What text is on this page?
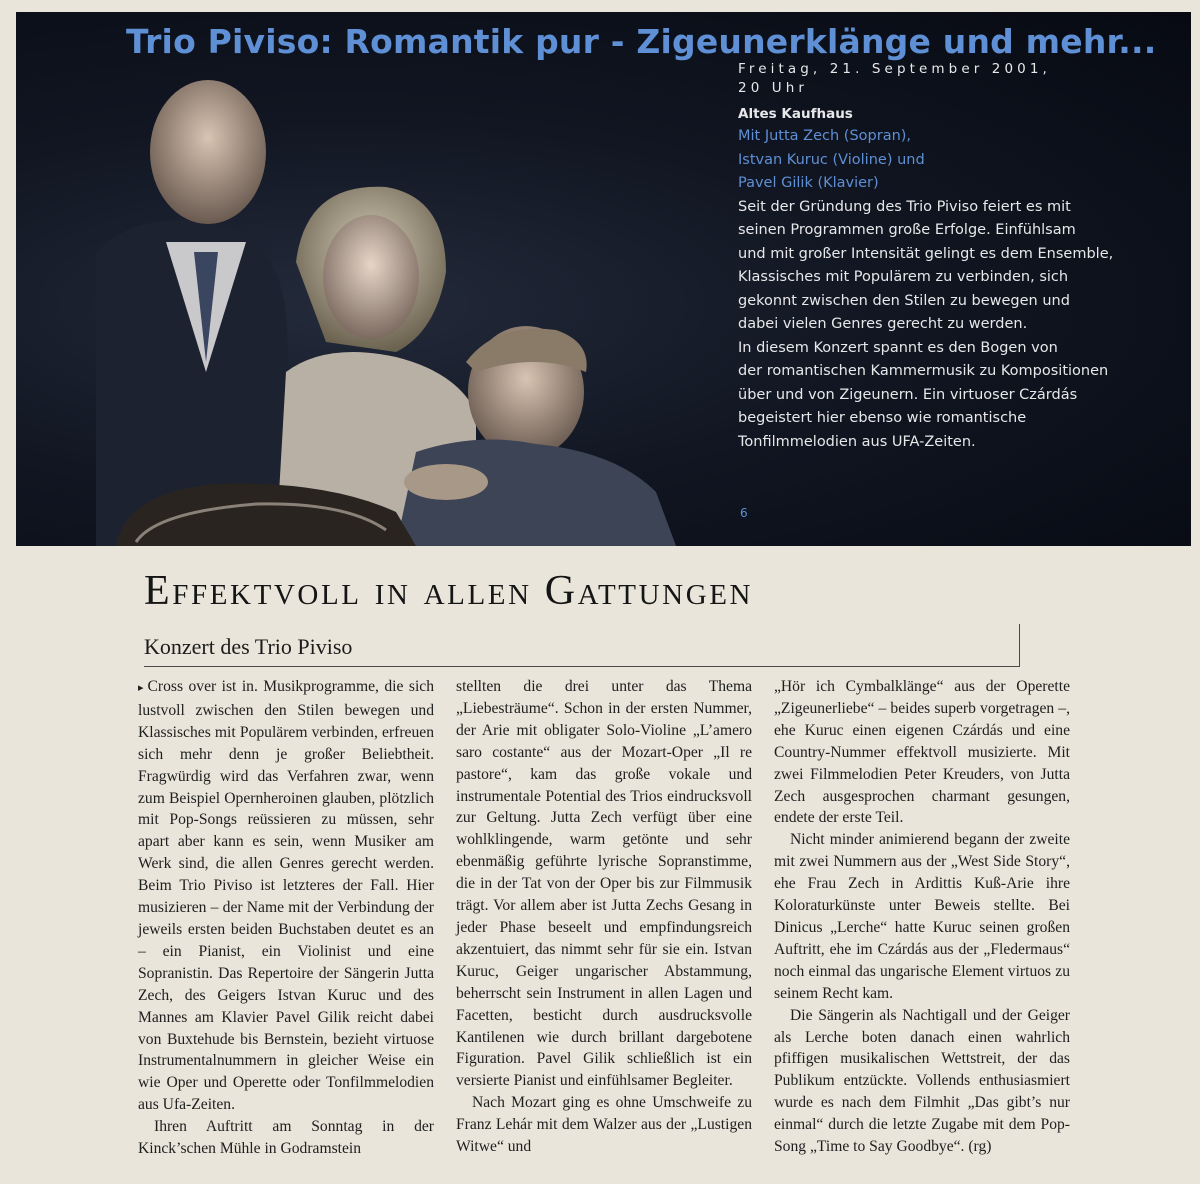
Trio Piviso: Romantik pur - Zigeunerklänge und mehr...

Freitag, 21. September 2001,

20 Uhr

Altes Kaufhaus

Mit Jutta Zech (Sopran),

Istvan Kuruc (Violine) und

Pavel Gilik (Klavier)

Seit der Gründung des Trio Piviso feiert es mit

seinen Programmen große Erfolge. Einfühlsam

und mit großer Intensität gelingt es dem Ensemble,

Klassisches mit Populärem zu verbinden, sich

gekonnt zwischen den Stilen zu bewegen und

dabei vielen Genres gerecht zu werden.

In diesem Konzert spannt es den Bogen von

der romantischen Kammermusik zu Kompositionen

über und von Zigeunern. Ein virtuoser Czárdás

begeistert hier ebenso wie romantische

Tonfilmmelodien aus UFA-Zeiten.

6
Effektvoll in allen Gattungen
Konzert des Trio Piviso

▸ Cross over ist in. Musikprogramme, die sich lustvoll zwischen den Stilen bewegen und Klassisches mit Populärem verbinden, erfreuen sich mehr denn je großer Beliebtheit. Fragwürdig wird das Verfahren zwar, wenn zum Beispiel Opernheroinen glauben, plötzlich mit Pop-Songs reüssieren zu müssen, sehr apart aber kann es sein, wenn Musiker am Werk sind, die allen Genres gerecht werden. Beim Trio Piviso ist letzteres der Fall. Hier musizieren – der Name mit der Verbindung der jeweils ersten beiden Buchstaben deutet es an – ein Pianist, ein Violinist und eine Sopranistin. Das Repertoire der Sängerin Jutta Zech, des Geigers Istvan Kuruc und des Mannes am Klavier Pavel Gilik reicht dabei von Buxtehude bis Bernstein, bezieht virtuose Instrumentalnummern in gleicher Weise ein wie Oper und Operette oder Tonfilmmelodien aus Ufa-Zeiten.

Ihren Auftritt am Sonntag in der Kinck’schen Mühle in Godramstein

stellten die drei unter das Thema „Liebesträume“. Schon in der ersten Nummer, der Arie mit obligater Solo-Violine „L’amero saro costante“ aus der Mozart-Oper „Il re pastore“, kam das große vokale und instrumentale Potential des Trios eindrucksvoll zur Geltung. Jutta Zech verfügt über eine wohlklingende, warm getönte und sehr ebenmäßig geführte lyrische Sopranstimme, die in der Tat von der Oper bis zur Filmmusik trägt. Vor allem aber ist Jutta Zechs Gesang in jeder Phase beseelt und empfindungsreich akzentuiert, das nimmt sehr für sie ein. Istvan Kuruc, Geiger ungarischer Abstammung, beherrscht sein Instrument in allen Lagen und Facetten, besticht durch ausdrucksvolle Kantilenen wie durch brillant dargebotene Figuration. Pavel Gilik schließlich ist ein versierte Pianist und einfühlsamer Begleiter.

Nach Mozart ging es ohne Umschweife zu Franz Lehár mit dem Walzer aus der „Lustigen Witwe“ und

„Hör ich Cymbalklänge“ aus der Operette „Zigeunerliebe“ – beides superb vorgetragen –, ehe Kuruc einen eigenen Czárdás und eine Country-Nummer effektvoll musizierte. Mit zwei Filmmelodien Peter Kreuders, von Jutta Zech ausgesprochen charmant gesungen, endete der erste Teil.

Nicht minder animierend begann der zweite mit zwei Nummern aus der „West Side Story“, ehe Frau Zech in Ardittis Kuß-Arie ihre Koloraturkünste unter Beweis stellte. Bei Dinicus „Lerche“ hatte Kuruc seinen großen Auftritt, ehe im Czárdás aus der „Fledermaus“ noch einmal das ungarische Element virtuos zu seinem Recht kam.

Die Sängerin als Nachtigall und der Geiger als Lerche boten danach einen wahrlich pfiffigen musikalischen Wettstreit, der das Publikum entzückte. Vollends enthusiasmiert wurde es nach dem Filmhit „Das gibt’s nur einmal“ durch die letzte Zugabe mit dem Pop-Song „Time to Say Goodbye“. (rg)
